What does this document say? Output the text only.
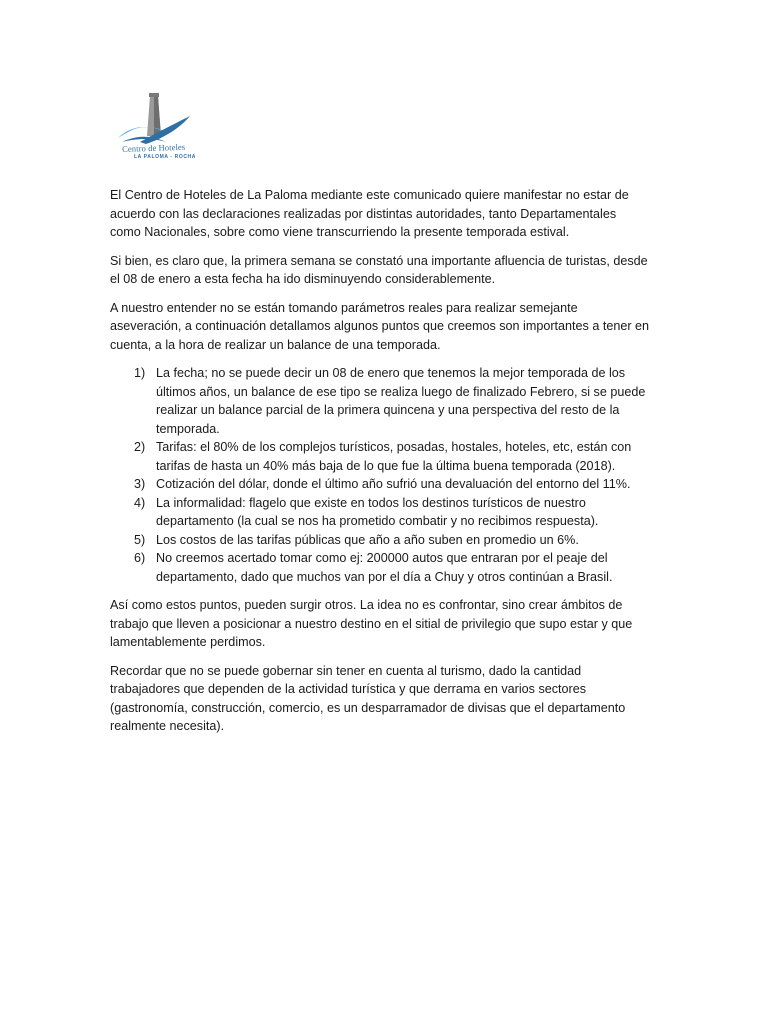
Centro de Hoteles
LA PALOMA - ROCHA

El Centro de Hoteles de La Paloma mediante este comunicado quiere manifestar no estar de acuerdo con las declaraciones realizadas por distintas autoridades, tanto Departamentales como Nacionales, sobre como viene transcurriendo la presente temporada estival.

Si bien, es claro que, la primera semana se constató una importante afluencia de turistas, desde el 08 de enero a esta fecha ha ido disminuyendo considerablemente.

A nuestro entender no se están tomando parámetros reales para realizar semejante aseveración, a continuación detallamos algunos puntos que creemos son importantes a tener en cuenta, a la hora de realizar un balance de una temporada.

1) La fecha; no se puede decir un 08 de enero que tenemos la mejor temporada de los últimos años, un balance de ese tipo se realiza luego de finalizado Febrero, si se puede realizar un balance parcial de la primera quincena y una perspectiva del resto de la temporada.
2) Tarifas: el 80% de los complejos turísticos, posadas, hostales, hoteles, etc, están con tarifas de hasta un 40% más baja de lo que fue la última buena temporada (2018).
3) Cotización del dólar, donde el último año sufrió una devaluación del entorno del 11%.
4) La informalidad: flagelo que existe en todos los destinos turísticos de nuestro departamento (la cual se nos ha prometido combatir y no recibimos respuesta).
5) Los costos de las tarifas públicas que año a año suben en promedio un 6%.
6) No creemos acertado tomar como ej: 200000 autos que entraran por el peaje del departamento, dado que muchos van por el día a Chuy y otros continúan a Brasil.

Así como estos puntos, pueden surgir otros. La idea no es confrontar, sino crear ámbitos de trabajo que lleven a posicionar a nuestro destino en el sitial de privilegio que supo estar y que lamentablemente perdimos.

Recordar que no se puede gobernar sin tener en cuenta al turismo, dado la cantidad trabajadores que dependen de la actividad turística y que derrama en varios sectores (gastronomía, construcción, comercio, es un desparramador de divisas que el departamento realmente necesita).
